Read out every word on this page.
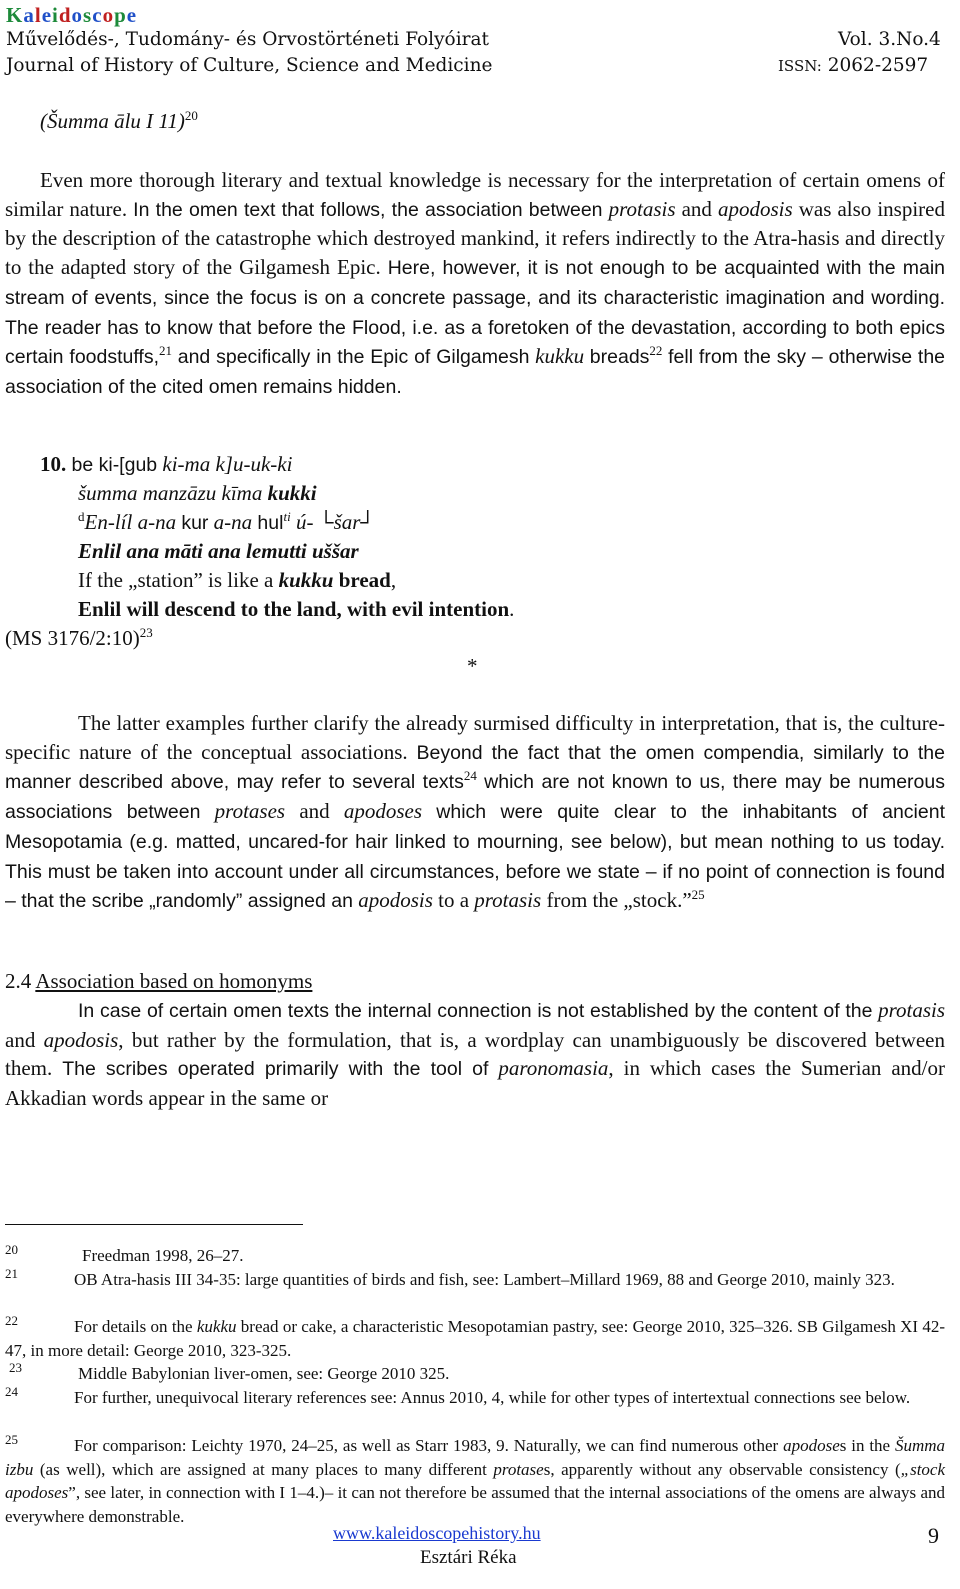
Kaleidoscope
Művelődés-, Tudomány- és Orvostörténeti Folyóirat
Journal of History of Culture, Science and Medicine
Vol. 3.No.4
ISSN: 2062-2597
(Šumma ālu I 11)$^{20}$
Even more thorough literary and textual knowledge is necessary for the interpretation of certain omens of similar nature. In the omen text that follows, the association between protasis and apodosis was also inspired by the description of the catastrophe which destroyed mankind, it refers indirectly to the Atra-hasis and directly to the adapted story of the Gilgamesh Epic. Here, however, it is not enough to be acquainted with the main stream of events, since the focus is on a concrete passage, and its characteristic imagination and wording. The reader has to know that before the Flood, i.e. as a foretoken of the devastation, according to both epics certain foodstuffs,$^{21}$ and specifically in the Epic of Gilgamesh kukku breads$^{22}$ fell from the sky – otherwise the association of the cited omen remains hidden.
10. be ki-[gub ki-ma k]u-uk-ki
šumma manzāzu kīma kukki
$^d$En-líl a-na kur a-na hul$^{ti}$ ú- └šar┘
Enlil ana māti ana lemutti uššar
If the „station” is like a kukku bread,
Enlil will descend to the land, with evil intention.
(MS 3176/2:10)$^{23}$
*
The latter examples further clarify the already surmised difficulty in interpretation, that is, the culture-specific nature of the conceptual associations. Beyond the fact that the omen compendia, similarly to the manner described above, may refer to several texts$^{24}$ which are not known to us, there may be numerous associations between protases and apodoses which were quite clear to the inhabitants of ancient Mesopotamia (e.g. matted, uncared-for hair linked to mourning, see below), but mean nothing to us today. This must be taken into account under all circumstances, before we state – if no point of connection is found – that the scribe „randomly” assigned an apodosis to a protasis from the „stock.”$^{25}$
2.4 Association based on homonyms
In case of certain omen texts the internal connection is not established by the content of the protasis and apodosis, but rather by the formulation, that is, a wordplay can unambiguously be discovered between them. The scribes operated primarily with the tool of paronomasia, in which cases the Sumerian and/or Akkadian words appear in the same or
$^{20}$	Freedman 1998, 26–27.
$^{21}$	OB Atra-hasis III 34-35: large quantities of birds and fish, see: Lambert–Millard 1969, 88 and George 2010, mainly 323.
$^{22}$	For details on the kukku bread or cake, a characteristic Mesopotamian pastry, see: George 2010, 325–326. SB Gilgamesh XI 42-47, in more detail: George 2010, 323-325.
$^{23}$	Middle Babylonian liver-omen, see: George 2010 325.
$^{24}$	For further, unequivocal literary references see: Annus 2010, 4, while for other types of intertextual connections see below.
$^{25}$	For comparison: Leichty 1970, 24–25, as well as Starr 1983, 9. Naturally, we can find numerous other apodoses in the Šumma izbu (as well), which are assigned at many places to many different protases, apparently without any observable consistency („stock apodoses”, see later, in connection with I 1–4.)– it can not therefore be assumed that the internal associations of the omens are always and everywhere demonstrable.
www.kaleidoscopehistory.hu
Esztári Réka
9
